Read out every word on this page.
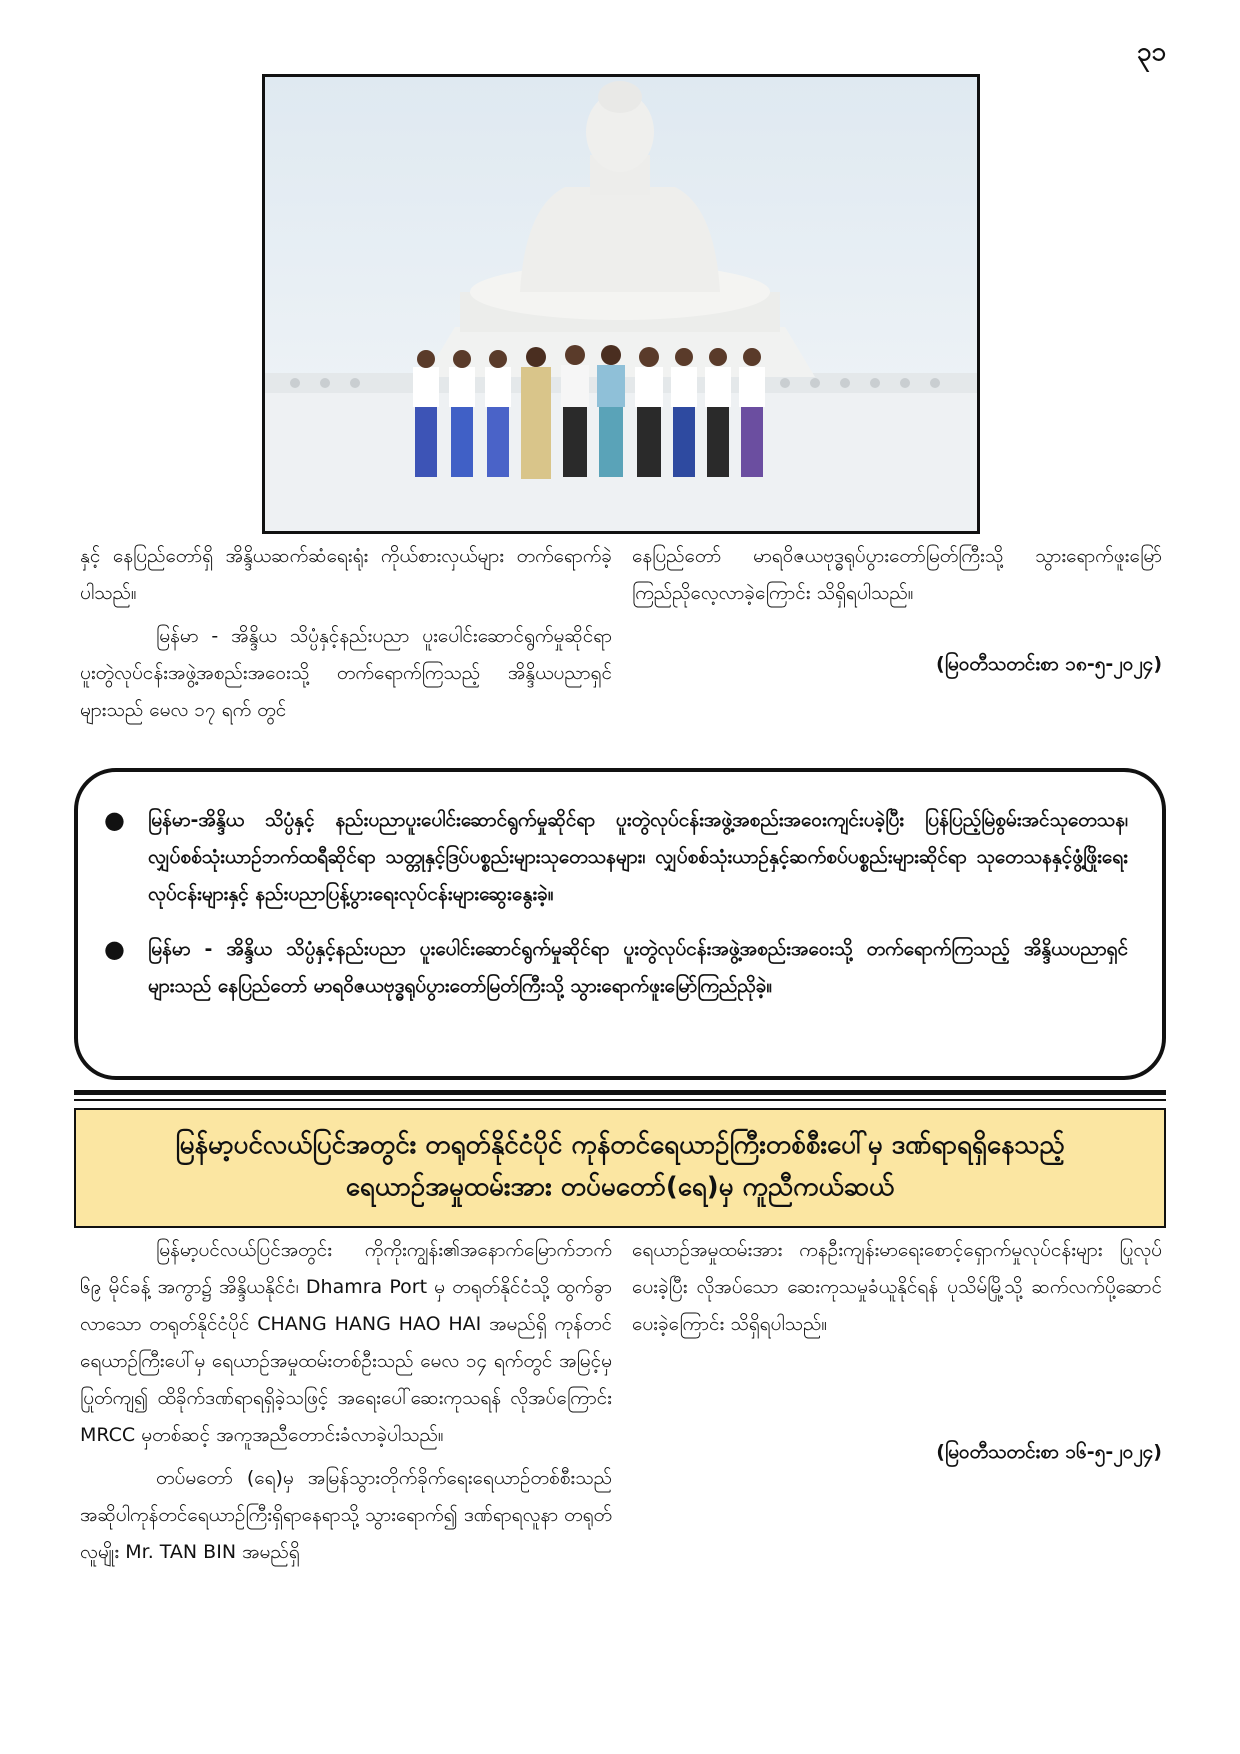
၃၁

နှင့် နေပြည်တော်ရှိ အိန္ဒိယဆက်ဆံရေးရုံး ကိုယ်စားလှယ်များ တက်ရောက်ခဲ့ပါသည်။

မြန်မာ - အိန္ဒိယ သိပ္ပံနှင့်နည်းပညာ ပူးပေါင်းဆောင်ရွက်မှုဆိုင်ရာ ပူးတွဲလုပ်ငန်းအဖွဲ့အစည်းအဝေးသို့ တက်ရောက်ကြသည့် အိန္ဒိယပညာရှင်များသည် မေလ ၁၇ ရက် တွင်

နေပြည်တော် မာရဝိဇယဗုဒ္ဓရုပ်ပွားတော်မြတ်ကြီးသို့ သွားရောက်ဖူးမြော်ကြည်ညိုလေ့လာခဲ့ကြောင်း သိရှိရပါသည်။

(မြဝတီသတင်းစာ ၁၈-၅-၂၀၂၄)
● မြန်မာ-အိန္ဒိယ သိပ္ပံနှင့် နည်းပညာပူးပေါင်းဆောင်ရွက်မှုဆိုင်ရာ ပူးတွဲလုပ်ငန်းအဖွဲ့အစည်းအဝေးကျင်းပခဲ့ပြီး ပြန်ပြည့်မြဲစွမ်းအင်သုတေသန၊ လျှပ်စစ်သုံးယာဉ်ဘက်ထရီဆိုင်ရာ သတ္တုနှင့်ဒြပ်ပစ္စည်းများသုတေသနများ၊ လျှပ်စစ်သုံးယာဉ်နှင့်ဆက်စပ်ပစ္စည်းများဆိုင်ရာ သုတေသနနှင့်ဖွံ့ဖြိုးရေးလုပ်ငန်းများနှင့် နည်းပညာပြန့်ပွားရေးလုပ်ငန်းများဆွေးနွေးခဲ့။
● မြန်မာ - အိန္ဒိယ သိပ္ပံနှင့်နည်းပညာ ပူးပေါင်းဆောင်ရွက်မှုဆိုင်ရာ ပူးတွဲလုပ်ငန်းအဖွဲ့အစည်းအဝေးသို့ တက်ရောက်ကြသည့် အိန္ဒိယပညာရှင်များသည် နေပြည်တော် မာရဝိဇယဗုဒ္ဓရုပ်ပွားတော်မြတ်ကြီးသို့ သွားရောက်ဖူးမြော်ကြည်ညိုခဲ့။
မြန်မာ့ပင်လယ်ပြင်အတွင်း တရုတ်နိုင်ငံပိုင် ကုန်တင်ရေယာဉ်ကြီးတစ်စီးပေါ်မှ ဒဏ်ရာရရှိနေသည့်
ရေယာဉ်အမှုထမ်းအား တပ်မတော်(ရေ)မှ ကူညီကယ်ဆယ်

မြန်မာ့ပင်လယ်ပြင်အတွင်း ကိုကိုးကျွန်း၏အနောက်မြောက်ဘက် ၆၉ မိုင်ခန့် အကွာ၌ အိန္ဒိယနိုင်ငံ၊ Dhamra Port မှ တရုတ်နိုင်ငံသို့ ထွက်ခွာလာသော တရုတ်နိုင်ငံပိုင် CHANG HANG HAO HAI အမည်ရှိ ကုန်တင်ရေယာဉ်ကြီးပေါ်မှ ရေယာဉ်အမှုထမ်းတစ်ဦးသည် မေလ ၁၄ ရက်တွင် အမြင့်မှပြုတ်ကျ၍ ထိခိုက်ဒဏ်ရာရရှိခဲ့သဖြင့် အရေးပေါ်ဆေးကုသရန် လိုအပ်ကြောင်း MRCC မှတစ်ဆင့် အကူအညီတောင်းခံလာခဲ့ပါသည်။

တပ်မတော် (ရေ)မှ အမြန်သွားတိုက်ခိုက်ရေးရေယာဉ်တစ်စီးသည် အဆိုပါကုန်တင်ရေယာဉ်ကြီးရှိရာနေရာသို့ သွားရောက်၍ ဒဏ်ရာရလူနာ တရုတ်လူမျိုး Mr. TAN BIN အမည်ရှိ

ရေယာဉ်အမှုထမ်းအား ကနဦးကျန်းမာရေးစောင့်ရှောက်မှုလုပ်ငန်းများ ပြုလုပ်ပေးခဲ့ပြီး လိုအပ်သော ဆေးကုသမှုခံယူနိုင်ရန် ပုသိမ်မြို့သို့ ဆက်လက်ပို့ဆောင်ပေးခဲ့ကြောင်း သိရှိရပါသည်။

(မြဝတီသတင်းစာ ၁၆-၅-၂၀၂၄)
